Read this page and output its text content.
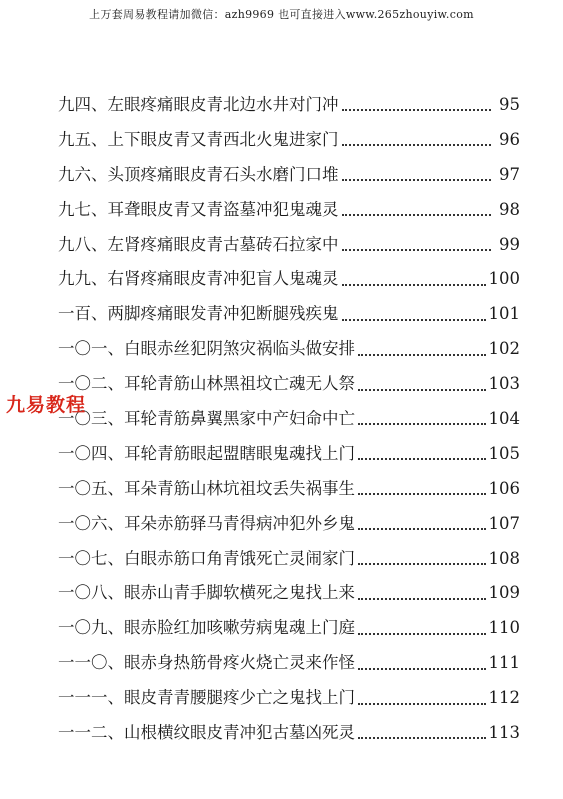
上万套周易教程请加微信：azh9969 也可直接进入www.265zhouyiw.com
九四、左眼疼痛眼皮青北边水井对门冲	95
九五、上下眼皮青又青西北火鬼进家门	96
九六、头顶疼痛眼皮青石头水磨门口堆	97
九七、耳聋眼皮青又青盗墓冲犯鬼魂灵	98
九八、左肾疼痛眼皮青古墓砖石拉家中	99
九九、右肾疼痛眼皮青冲犯盲人鬼魂灵	100
一百、两脚疼痛眼发青冲犯断腿残疾鬼	101
一〇一、白眼赤丝犯阴煞灾祸临头做安排	102
一〇二、耳轮青筋山林黑祖坟亡魂无人祭	103
一〇三、耳轮青筋鼻翼黑家中产妇命中亡	104
一〇四、耳轮青筋眼起盟瞎眼鬼魂找上门	105
一〇五、耳朵青筋山林坑祖坟丢失祸事生	106
一〇六、耳朵赤筋驿马青得病冲犯外乡鬼	107
一〇七、白眼赤筋口角青饿死亡灵闹家门	108
一〇八、眼赤山青手脚软横死之鬼找上来	109
一〇九、眼赤脸红加咳嗽劳病鬼魂上门庭	110
一一〇、眼赤身热筋骨疼火烧亡灵来作怪	111
一一一、眼皮青青腰腿疼少亡之鬼找上门	112
一一二、山根横纹眼皮青冲犯古墓凶死灵	113
九易教程
